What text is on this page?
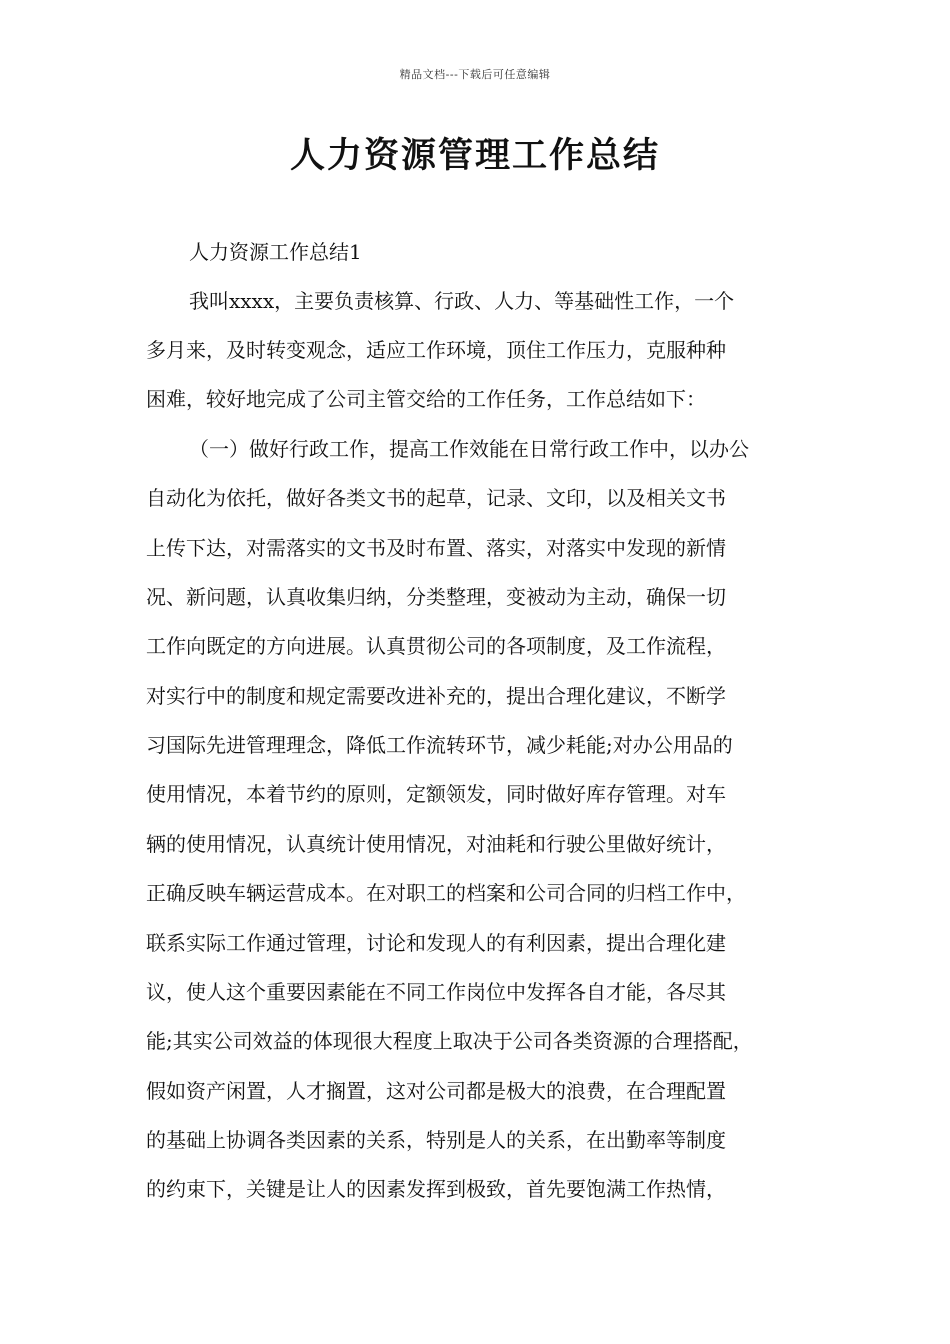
精品文档---下载后可任意编辑
人力资源管理工作总结

人力资源工作总结1

我叫xxxx，主要负责核算、行政、人力、等基础性工作，一个

多月来，及时转变观念，适应工作环境，顶住工作压力，克服种种

困难，较好地完成了公司主管交给的工作任务，工作总结如下：

（一）做好行政工作，提高工作效能在日常行政工作中，以办公

自动化为依托，做好各类文书的起草，记录、文印，以及相关文书

上传下达，对需落实的文书及时布置、落实，对落实中发现的新情

况、新问题，认真收集归纳，分类整理，变被动为主动，确保一切

工作向既定的方向进展。认真贯彻公司的各项制度，及工作流程，

对实行中的制度和规定需要改进补充的，提出合理化建议，不断学

习国际先进管理理念，降低工作流转环节，减少耗能;对办公用品的

使用情况，本着节约的原则，定额领发，同时做好库存管理。对车

辆的使用情况，认真统计使用情况，对油耗和行驶公里做好统计，

正确反映车辆运营成本。在对职工的档案和公司合同的归档工作中，

联系实际工作通过管理，讨论和发现人的有利因素，提出合理化建

议，使人这个重要因素能在不同工作岗位中发挥各自才能，各尽其

能;其实公司效益的体现很大程度上取决于公司各类资源的合理搭配，

假如资产闲置，人才搁置，这对公司都是极大的浪费，在合理配置

的基础上协调各类因素的关系，特别是人的关系，在出勤率等制度

的约束下，关键是让人的因素发挥到极致，首先要饱满工作热情，
